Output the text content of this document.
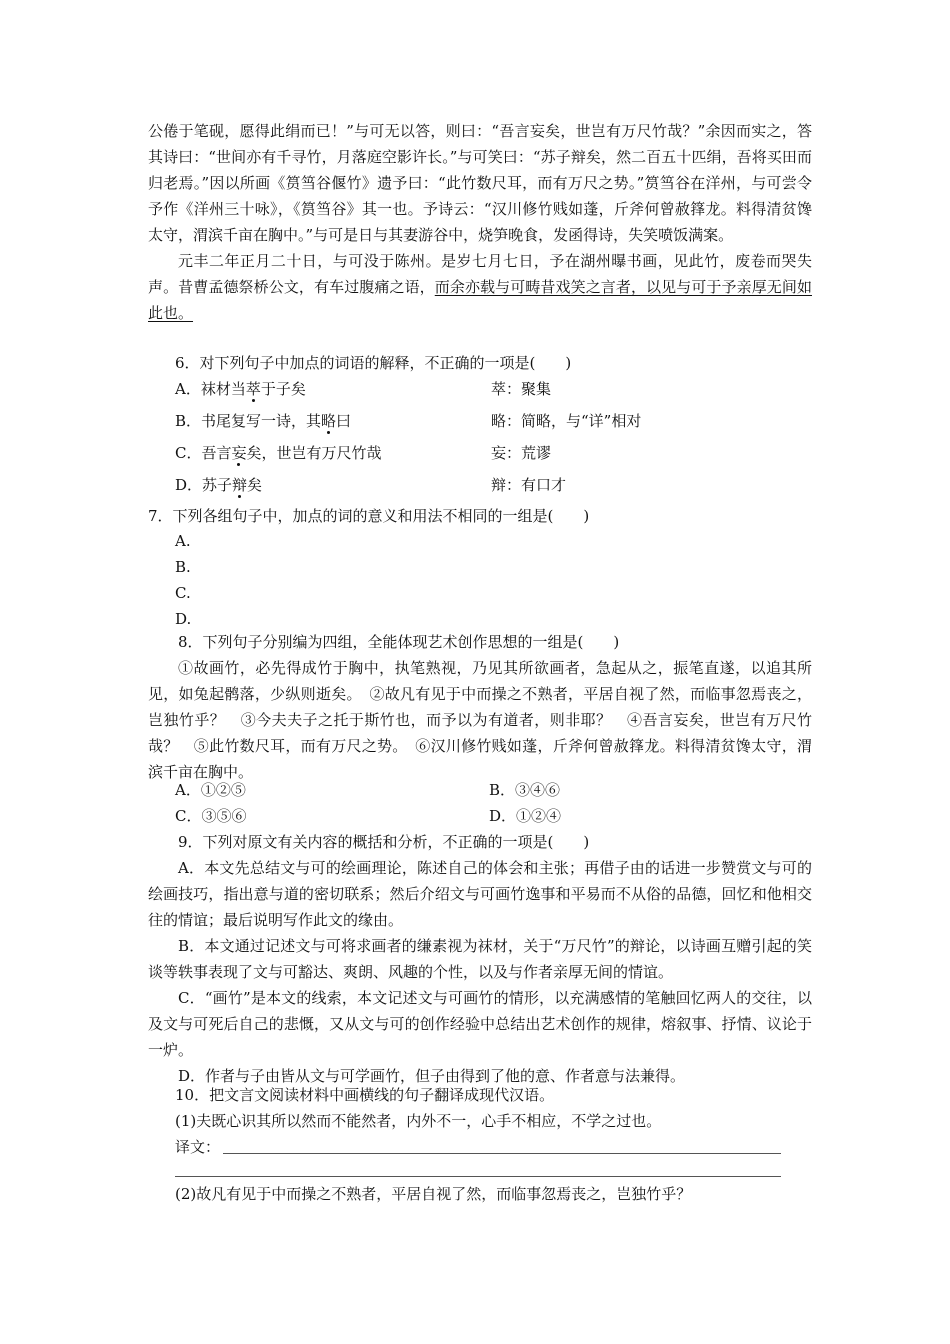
公倦于笔砚，愿得此绢而已！”与可无以答，则曰：“吾言妄矣，世岂有万尺竹哉？”余因而实之，答其诗曰：“世间亦有千寻竹，月落庭空影许长。”与可笑曰：“苏子辩矣，然二百五十匹绢，吾将买田而归老焉。”因以所画《筼筜谷偃竹》遗予曰：“此竹数尺耳，而有万尺之势。”筼筜谷在洋州，与可尝令予作《洋州三十咏》，《筼筜谷》其一也。予诗云：“汉川修竹贱如蓬，斤斧何曾赦箨龙。料得清贫馋太守，渭滨千亩在胸中。”与可是日与其妻游谷中，烧笋晚食，发函得诗，失笑喷饭满案。

元丰二年正月二十日，与可没于陈州。是岁七月七日，予在湖州曝书画，见此竹，废卷而哭失声。昔曹孟德祭桥公文，有车过腹痛之语，而余亦载与可畴昔戏笑之言者，以见与可于予亲厚无间如此也。

6．对下列句子中加点的词语的解释，不正确的一项是(　　)
A．袜材当萃于子矣	萃：聚集
B．书尾复写一诗，其略曰	略：简略，与“详”相对
C．吾言妄矣，世岂有万尺竹哉	妄：荒谬
D．苏子辩矣	辩：有口才
7．下列各组句子中，加点的词的意义和用法不相同的一组是(　　)
A.
B.
C.
D.

8．下列句子分别编为四组，全能体现艺术创作思想的一组是(　　)

①故画竹，必先得成竹于胸中，执笔熟视，乃见其所欲画者，急起从之，振笔直遂，以追其所见，如兔起鹘落，少纵则逝矣。　②故凡有见于中而操之不熟者，平居自视了然，而临事忽焉丧之，岂独竹乎？　③今夫夫子之托于斯竹也，而予以为有道者，则非耶？　④吾言妄矣，世岂有万尺竹哉？　⑤此竹数尺耳，而有万尺之势。　⑥汉川修竹贱如蓬，斤斧何曾赦箨龙。料得清贫馋太守，渭滨千亩在胸中。

A．①②⑤	B．③④⑥
C．③⑤⑥	D．①②④

9．下列对原文有关内容的概括和分析，不正确的一项是(　　)

A．本文先总结文与可的绘画理论，陈述自己的体会和主张；再借子由的话进一步赞赏文与可的绘画技巧，指出意与道的密切联系；然后介绍文与可画竹逸事和平易而不从俗的品德，回忆和他相交往的情谊；最后说明写作此文的缘由。

B．本文通过记述文与可将求画者的缣素视为袜材，关于“万尺竹”的辩论，以诗画互赠引起的笑谈等轶事表现了文与可豁达、爽朗、风趣的个性，以及与作者亲厚无间的情谊。

C．“画竹”是本文的线索，本文记述文与可画竹的情形，以充满感情的笔触回忆两人的交往，以及文与可死后自己的悲慨，又从文与可的创作经验中总结出艺术创作的规律，熔叙事、抒情、议论于一炉。

D．作者与子由皆从文与可学画竹，但子由得到了他的意、作者意与法兼得。

10．把文言文阅读材料中画横线的句子翻译成现代汉语。
(1)夫既心识其所以然而不能然者，内外不一，心手不相应，不学之过也。
译文：
(2)故凡有见于中而操之不熟者，平居自视了然，而临事忽焉丧之，岂独竹乎？
